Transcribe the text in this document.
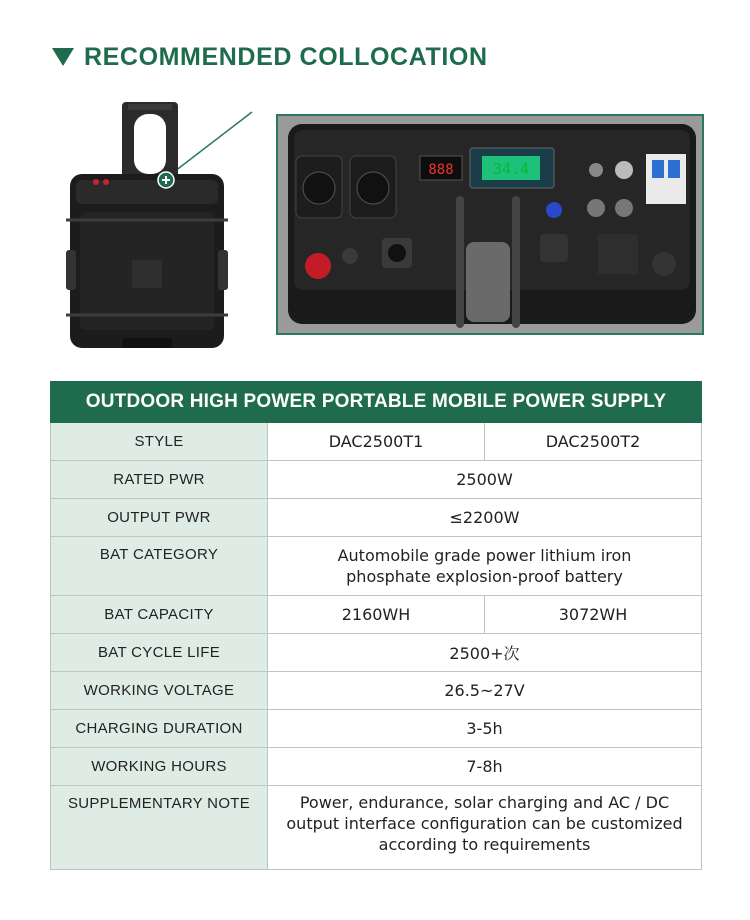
RECOMMENDED COLLOCATION
888	34.4
OUTDOOR HIGH POWER PORTABLE MOBILE POWER SUPPLY		
STYLE	DAC2500T1	DAC2500T2
RATED PWR	2500W	
OUTPUT PWR	≤2200W	
BAT CATEGORY	Automobile grade power lithium iron phosphate explosion-proof battery	
BAT CAPACITY	2160WH	3072WH
BAT CYCLE LIFE	2500+次	
WORKING VOLTAGE	26.5~27V	
CHARGING DURATION	3-5h	
WORKING HOURS	7-8h	
SUPPLEMENTARY NOTE	Power, endurance, solar charging and AC / DC output interface configuration can be customized according to requirements	
